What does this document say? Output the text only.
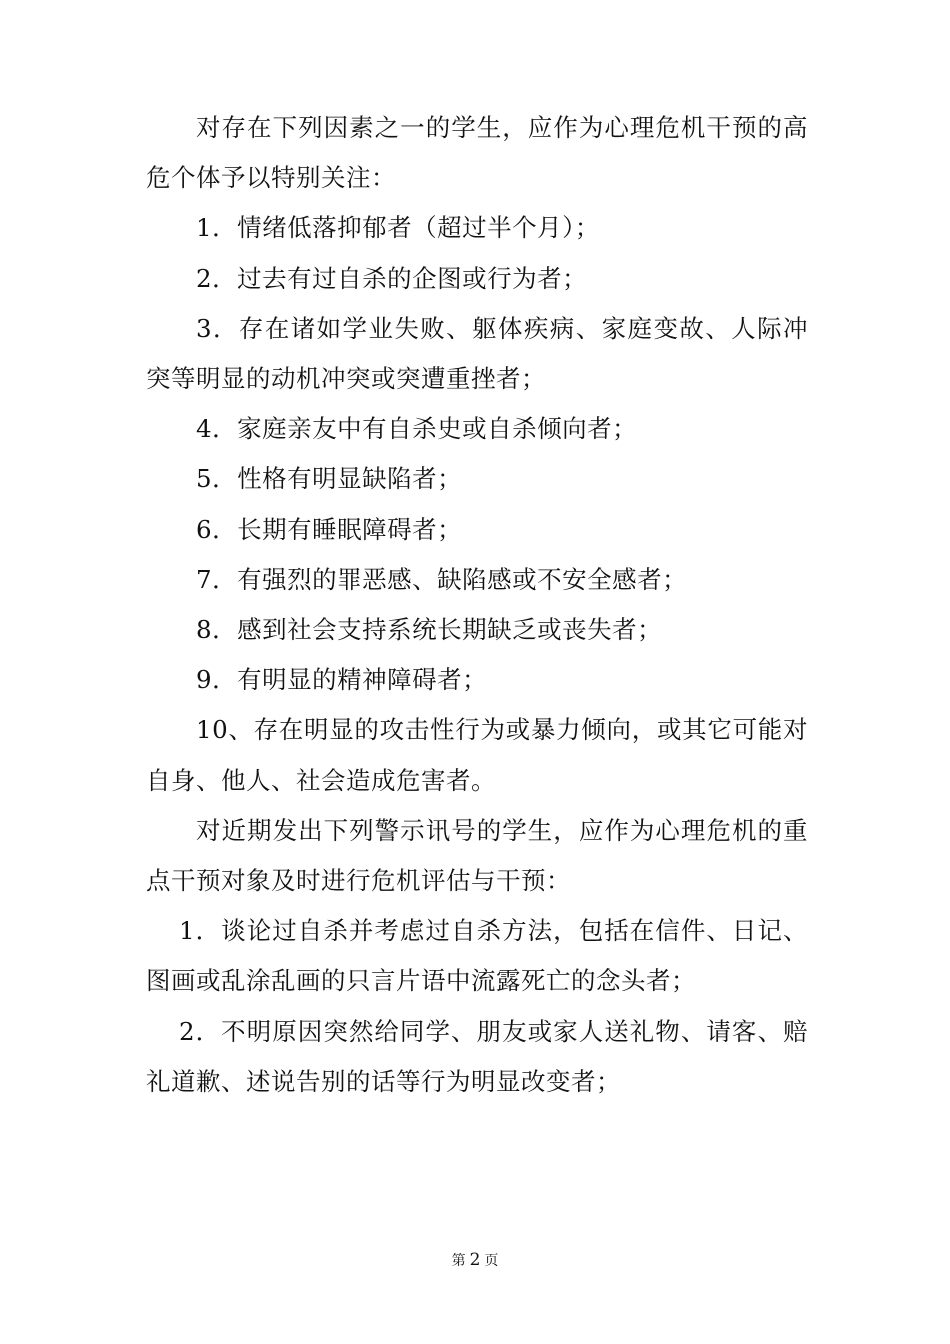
对存在下列因素之一的学生，应作为心理危机干预的高危个体予以特别关注：

1．情绪低落抑郁者（超过半个月）；

2．过去有过自杀的企图或行为者；

3．存在诸如学业失败、躯体疾病、家庭变故、人际冲突等明显的动机冲突或突遭重挫者；

4．家庭亲友中有自杀史或自杀倾向者；

5．性格有明显缺陷者；

6．长期有睡眠障碍者；

7．有强烈的罪恶感、缺陷感或不安全感者；

8．感到社会支持系统长期缺乏或丧失者；

9．有明显的精神障碍者；

10、存在明显的攻击性行为或暴力倾向，或其它可能对自身、他人、社会造成危害者。

对近期发出下列警示讯号的学生，应作为心理危机的重点干预对象及时进行危机评估与干预：

1．谈论过自杀并考虑过自杀方法，包括在信件、日记、图画或乱涂乱画的只言片语中流露死亡的念头者；

2．不明原因突然给同学、朋友或家人送礼物、请客、赔礼道歉、述说告别的话等行为明显改变者；

第 2 页
